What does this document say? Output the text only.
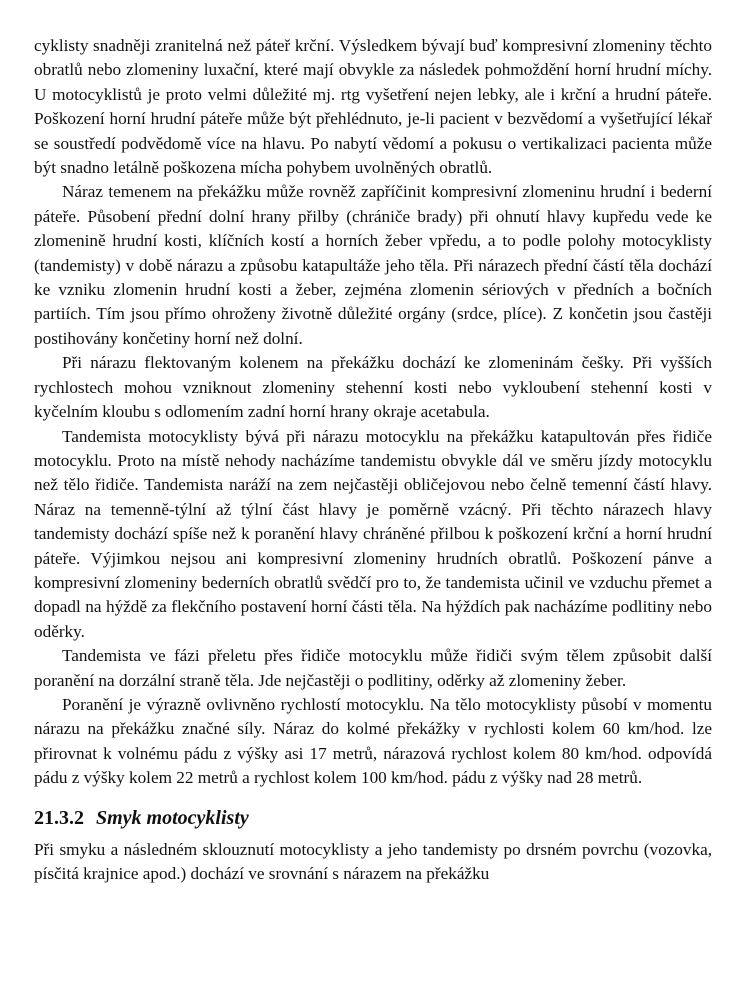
cyklisty snadněji zranitelná než páteř krční. Výsledkem bývají buď kompresivní zlomeniny těchto obratlů nebo zlomeniny luxační, které mají obvykle za následek pohmoždění horní hrudní míchy. U motocyklistů je proto velmi důležité mj. rtg vyšetření nejen lebky, ale i krční a hrudní páteře. Poškození horní hrudní páteře může být přehlédnuto, je-li pacient v bezvědomí a vyšetřující lékař se soustředí podvědomě více na hlavu. Po nabytí vědomí a pokusu o vertikalizaci pacienta může být snadno letálně poškozena mícha pohybem uvolněných obratlů.

Náraz temenem na překážku může rovněž zapříčinit kompresivní zlomeninu hrudní i bederní páteře. Působení přední dolní hrany přilby (chrániče brady) při ohnutí hlavy kupředu vede ke zlomenině hrudní kosti, klíčních kostí a horních žeber vpředu, a to podle polohy motocyklisty (tandemisty) v době nárazu a způsobu katapultáže jeho těla. Při nárazech přední částí těla dochází ke vzniku zlomenin hrudní kosti a žeber, zejména zlomenin sériových v předních a bočních partiích. Tím jsou přímo ohroženy životně důležité orgány (srdce, plíce). Z končetin jsou častěji postihovány končetiny horní než dolní.

Při nárazu flektovaným kolenem na překážku dochází ke zlomeninám češky. Při vyšších rychlostech mohou vzniknout zlomeniny stehenní kosti nebo vykloubení stehenní kosti v kyčelním kloubu s odlomením zadní horní hrany okraje acetabula.

Tandemista motocyklisty bývá při nárazu motocyklu na překážku katapultován přes řidiče motocyklu. Proto na místě nehody nacházíme tandemistu obvykle dál ve směru jízdy motocyklu než tělo řidiče. Tandemista naráží na zem nejčastěji obličejovou nebo čelně temenní částí hlavy. Náraz na temenně-týlní až týlní část hlavy je poměrně vzácný. Při těchto nárazech hlavy tandemisty dochází spíše než k poranění hlavy chráněné přilbou k poškození krční a horní hrudní páteře. Výjimkou nejsou ani kompresivní zlomeniny hrudních obratlů. Poškození pánve a kompresivní zlomeniny bederních obratlů svědčí pro to, že tandemista učinil ve vzduchu přemet a dopadl na hýždě za flekčního postavení horní části těla. Na hýždích pak nacházíme podlitiny nebo oděrky.

Tandemista ve fázi přeletu přes řidiče motocyklu může řidiči svým tělem způsobit další poranění na dorzální straně těla. Jde nejčastěji o podlitiny, oděrky až zlomeniny žeber.

Poranění je výrazně ovlivněno rychlostí motocyklu. Na tělo motocyklisty působí v momentu nárazu na překážku značné síly. Náraz do kolmé překážky v rychlosti kolem 60 km/hod. lze přirovnat k volnému pádu z výšky asi 17 metrů, nárazová rychlost kolem 80 km/hod. odpovídá pádu z výšky kolem 22 metrů a rychlost kolem 100 km/hod. pádu z výšky nad 28 metrů.

21.3.2 Smyk motocyklisty

Při smyku a následném sklouznutí motocyklisty a jeho tandemisty po drsném povrchu (vozovka, písčitá krajnice apod.) dochází ve srovnání s nárazem na překážku
